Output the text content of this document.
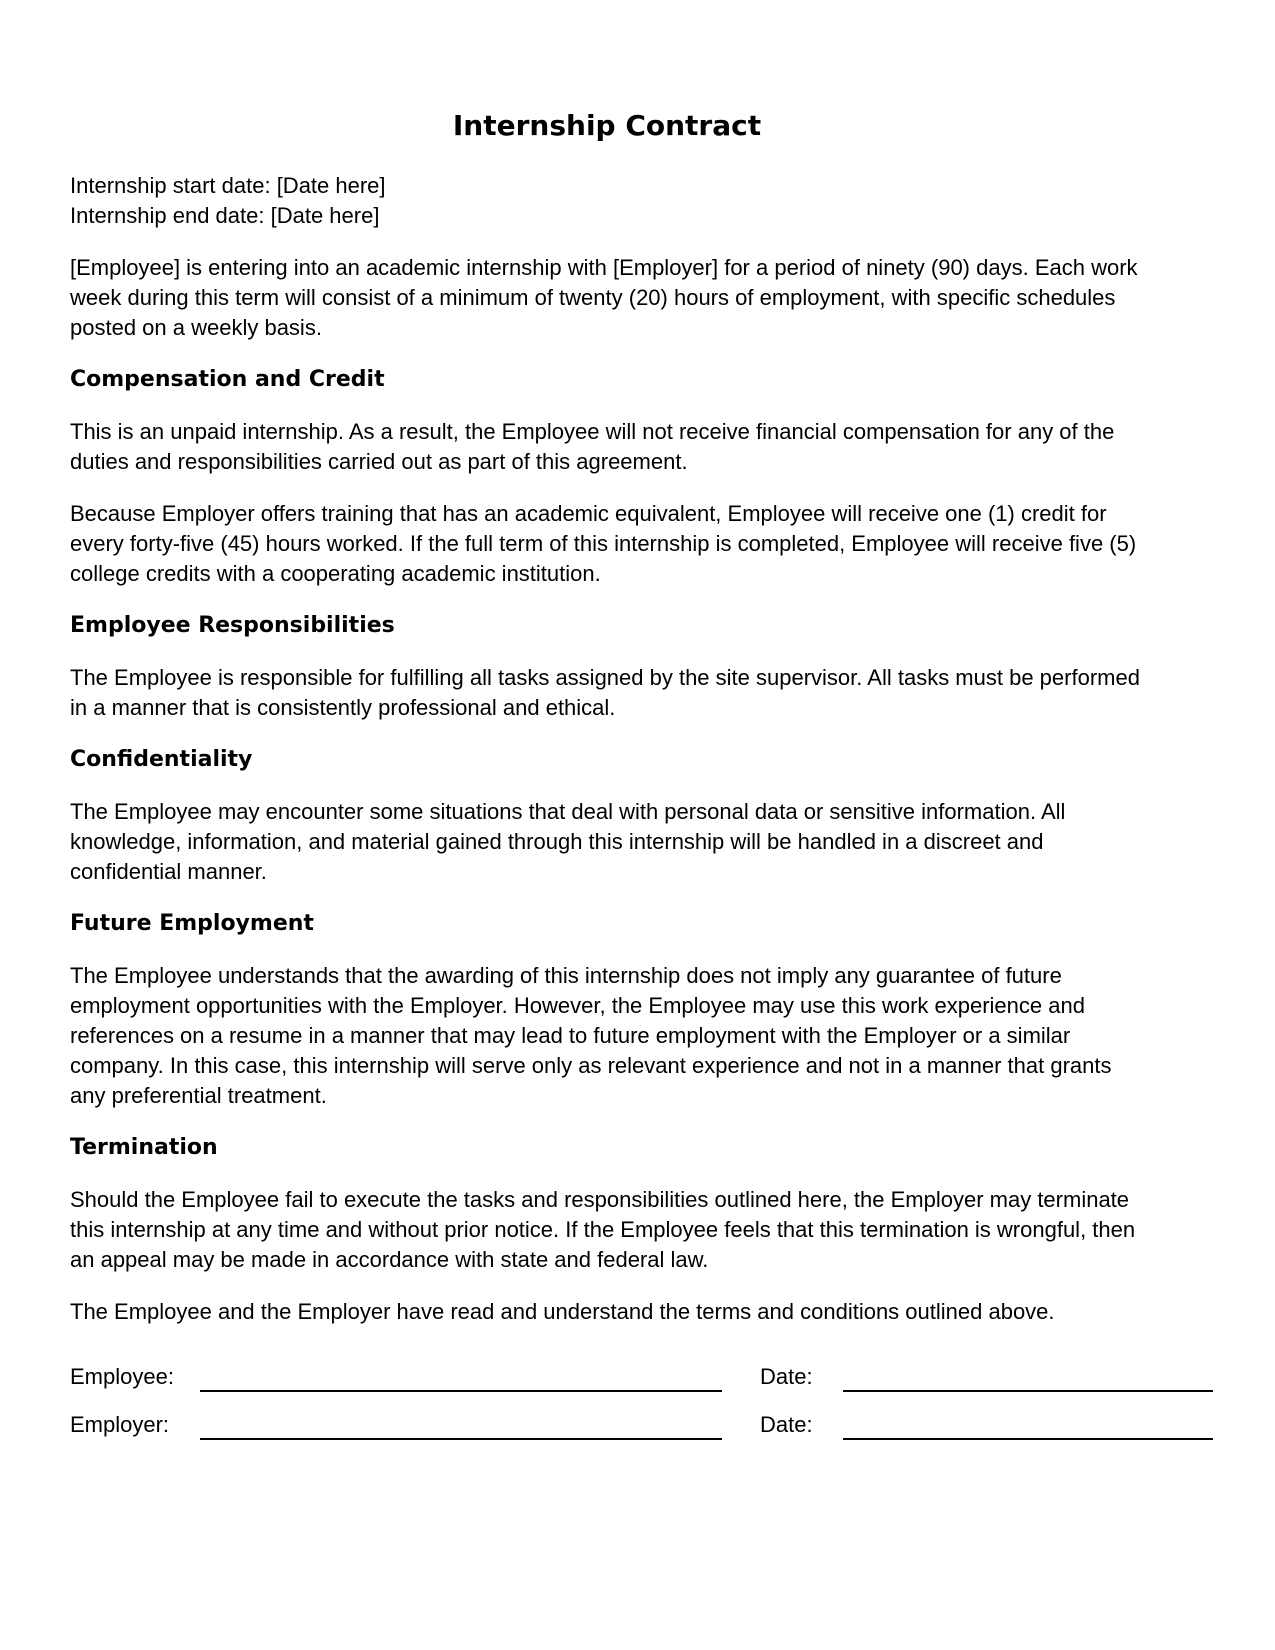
Internship Contract
Internship start date: [Date here]
Internship end date: [Date here]

[Employee] is entering into an academic internship with [Employer] for a period of ninety (90) days. Each work week during this term will consist of a minimum of twenty (20) hours of employment, with specific schedules posted on a weekly basis.

Compensation and Credit

This is an unpaid internship. As a result, the Employee will not receive financial compensation for any of the duties and responsibilities carried out as part of this agreement.

Because Employer offers training that has an academic equivalent, Employee will receive one (1) credit for every forty-five (45) hours worked. If the full term of this internship is completed, Employee will receive five (5) college credits with a cooperating academic institution.

Employee Responsibilities

The Employee is responsible for fulfilling all tasks assigned by the site supervisor. All tasks must be performed in a manner that is consistently professional and ethical.

Confidentiality

The Employee may encounter some situations that deal with personal data or sensitive information. All knowledge, information, and material gained through this internship will be handled in a discreet and confidential manner.

Future Employment

The Employee understands that the awarding of this internship does not imply any guarantee of future employment opportunities with the Employer. However, the Employee may use this work experience and references on a resume in a manner that may lead to future employment with the Employer or a similar company. In this case, this internship will serve only as relevant experience and not in a manner that grants any preferential treatment.

Termination

Should the Employee fail to execute the tasks and responsibilities outlined here, the Employer may terminate this internship at any time and without prior notice. If the Employee feels that this termination is wrongful, then an appeal may be made in accordance with state and federal law.

The Employee and the Employer have read and understand the terms and conditions outlined above.

Employee:	Date:
Employer:	Date:
